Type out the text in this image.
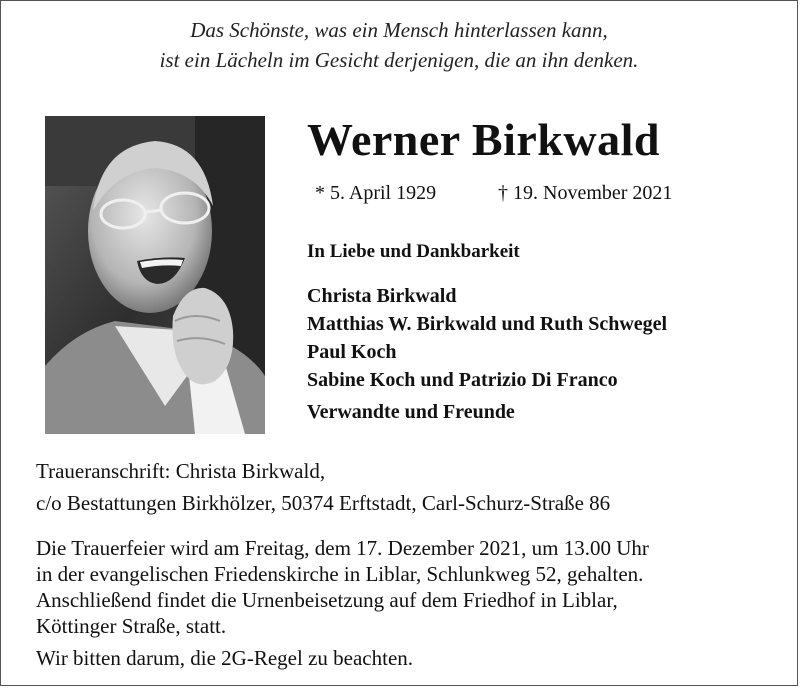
Das Schönste, was ein Mensch hinterlassen kann,
ist ein Lächeln im Gesicht derjenigen, die an ihn denken.
Werner Birkwald
* 5. April 1929	† 19. November 2021
In Liebe und Dankbarkeit
Christa Birkwald
Matthias W. Birkwald und Ruth Schwegel
Paul Koch
Sabine Koch und Patrizio Di Franco
Verwandte und Freunde
Traueranschrift: Christa Birkwald,
c/o Bestattungen Birkhölzer, 50374 Erftstadt, Carl-Schurz-Straße 86
Die Trauerfeier wird am Freitag, dem 17. Dezember 2021, um 13.00 Uhr
in der evangelischen Friedenskirche in Liblar, Schlunkweg 52, gehalten.
Anschließend findet die Urnenbeisetzung auf dem Friedhof in Liblar,
Köttinger Straße, statt.
Wir bitten darum, die 2G-Regel zu beachten.
